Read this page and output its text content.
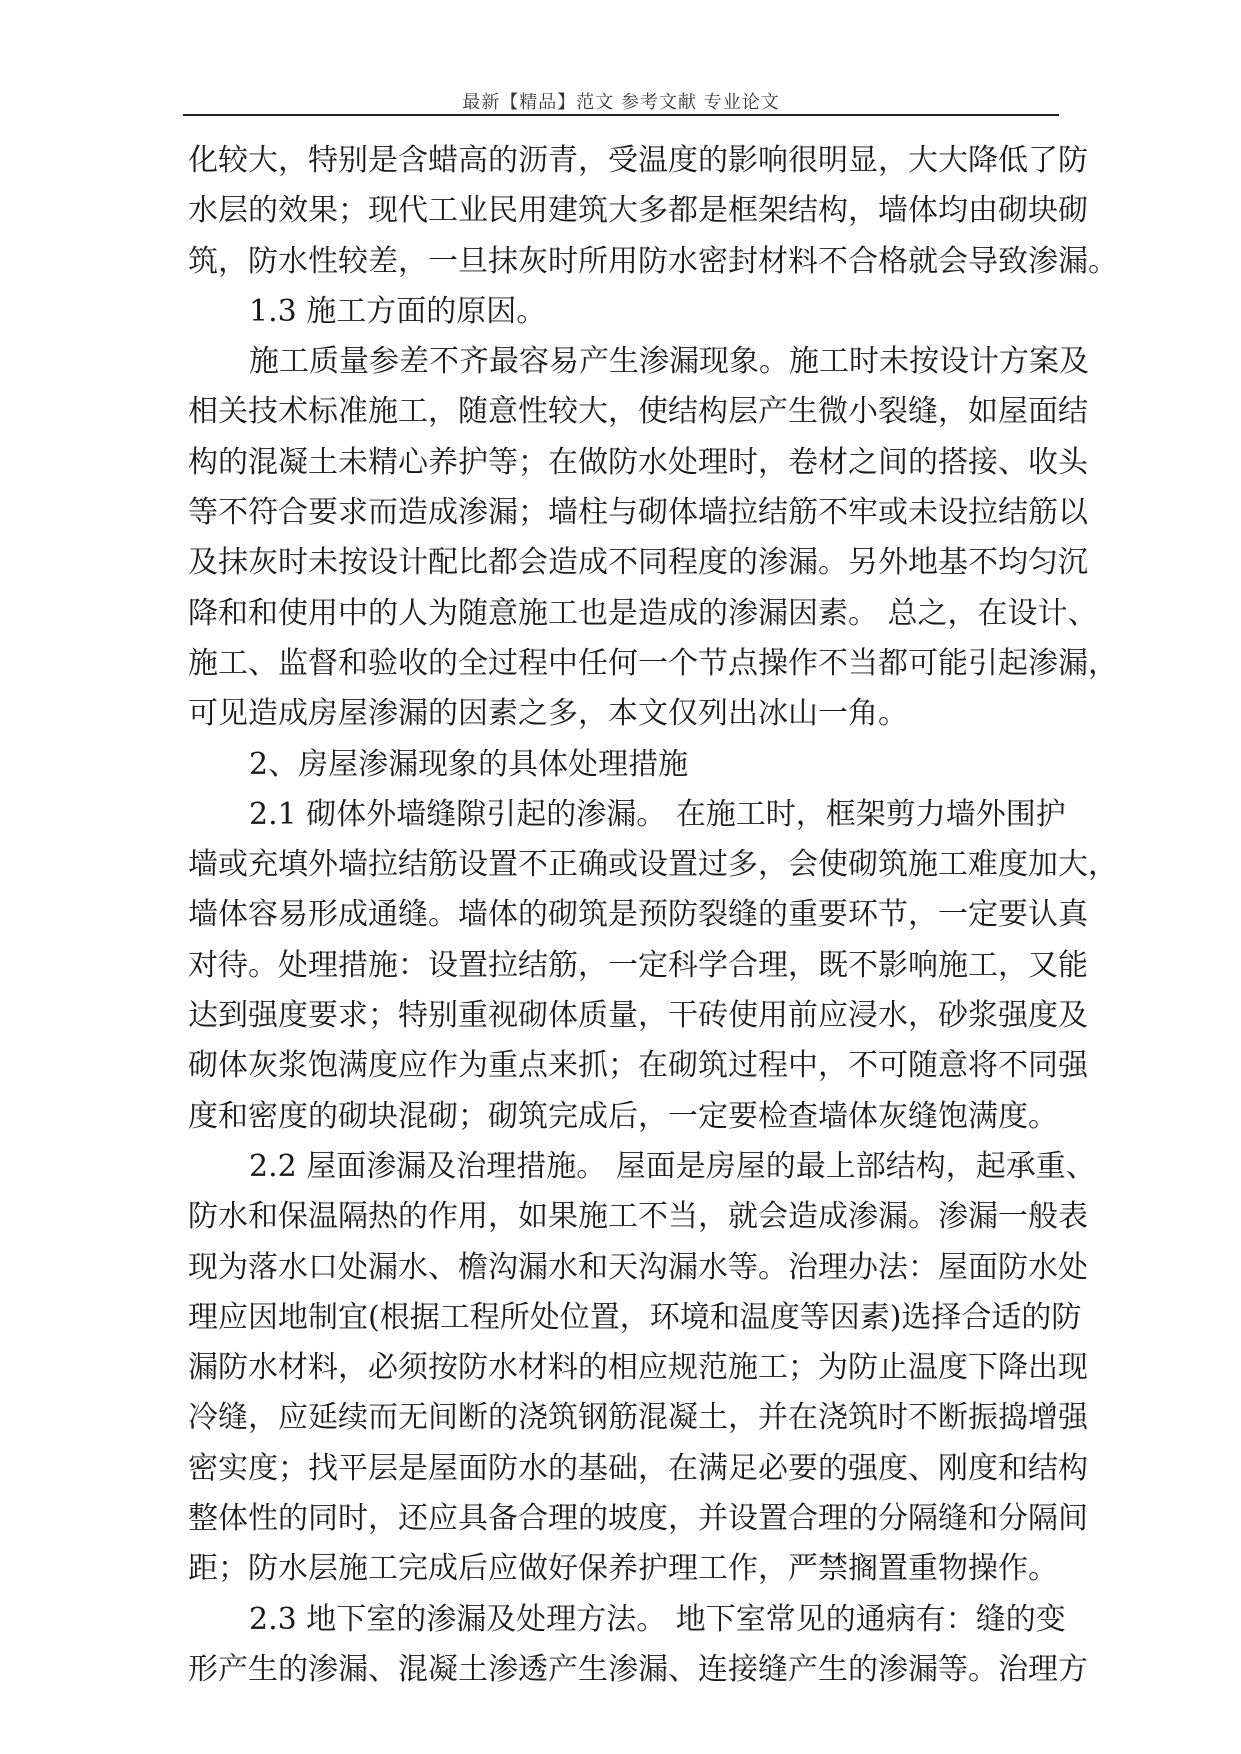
最新【精品】范文 参考文献 专业论文
化较大，特别是含蜡高的沥青，受温度的影响很明显，大大降低了防
水层的效果；现代工业民用建筑大多都是框架结构，墙体均由砌块砌
筑，防水性较差，一旦抹灰时所用防水密封材料不合格就会导致渗漏。
1.3 施工方面的原因。
施工质量参差不齐最容易产生渗漏现象。施工时未按设计方案及
相关技术标准施工，随意性较大，使结构层产生微小裂缝，如屋面结
构的混凝土未精心养护等；在做防水处理时，卷材之间的搭接、收头
等不符合要求而造成渗漏；墙柱与砌体墙拉结筋不牢或未设拉结筋以
及抹灰时未按设计配比都会造成不同程度的渗漏。另外地基不均匀沉
降和和使用中的人为随意施工也是造成的渗漏因素。 总之，在设计、
施工、监督和验收的全过程中任何一个节点操作不当都可能引起渗漏，
可见造成房屋渗漏的因素之多，本文仅列出冰山一角。
2、房屋渗漏现象的具体处理措施
2.1 砌体外墙缝隙引起的渗漏。 在施工时，框架剪力墙外围护
墙或充填外墙拉结筋设置不正确或设置过多，会使砌筑施工难度加大，
墙体容易形成通缝。墙体的砌筑是预防裂缝的重要环节，一定要认真
对待。处理措施：设置拉结筋，一定科学合理，既不影响施工，又能
达到强度要求；特别重视砌体质量，干砖使用前应浸水，砂浆强度及
砌体灰浆饱满度应作为重点来抓；在砌筑过程中，不可随意将不同强
度和密度的砌块混砌；砌筑完成后，一定要检查墙体灰缝饱满度。
2.2 屋面渗漏及治理措施。 屋面是房屋的最上部结构，起承重、
防水和保温隔热的作用，如果施工不当，就会造成渗漏。渗漏一般表
现为落水口处漏水、檐沟漏水和天沟漏水等。治理办法：屋面防水处
理应因地制宜(根据工程所处位置，环境和温度等因素)选择合适的防
漏防水材料，必须按防水材料的相应规范施工；为防止温度下降出现
冷缝，应延续而无间断的浇筑钢筋混凝土，并在浇筑时不断振捣增强
密实度；找平层是屋面防水的基础，在满足必要的强度、刚度和结构
整体性的同时，还应具备合理的坡度，并设置合理的分隔缝和分隔间
距；防水层施工完成后应做好保养护理工作，严禁搁置重物操作。
2.3 地下室的渗漏及处理方法。 地下室常见的通病有：缝的变
形产生的渗漏、混凝土渗透产生渗漏、连接缝产生的渗漏等。治理方
